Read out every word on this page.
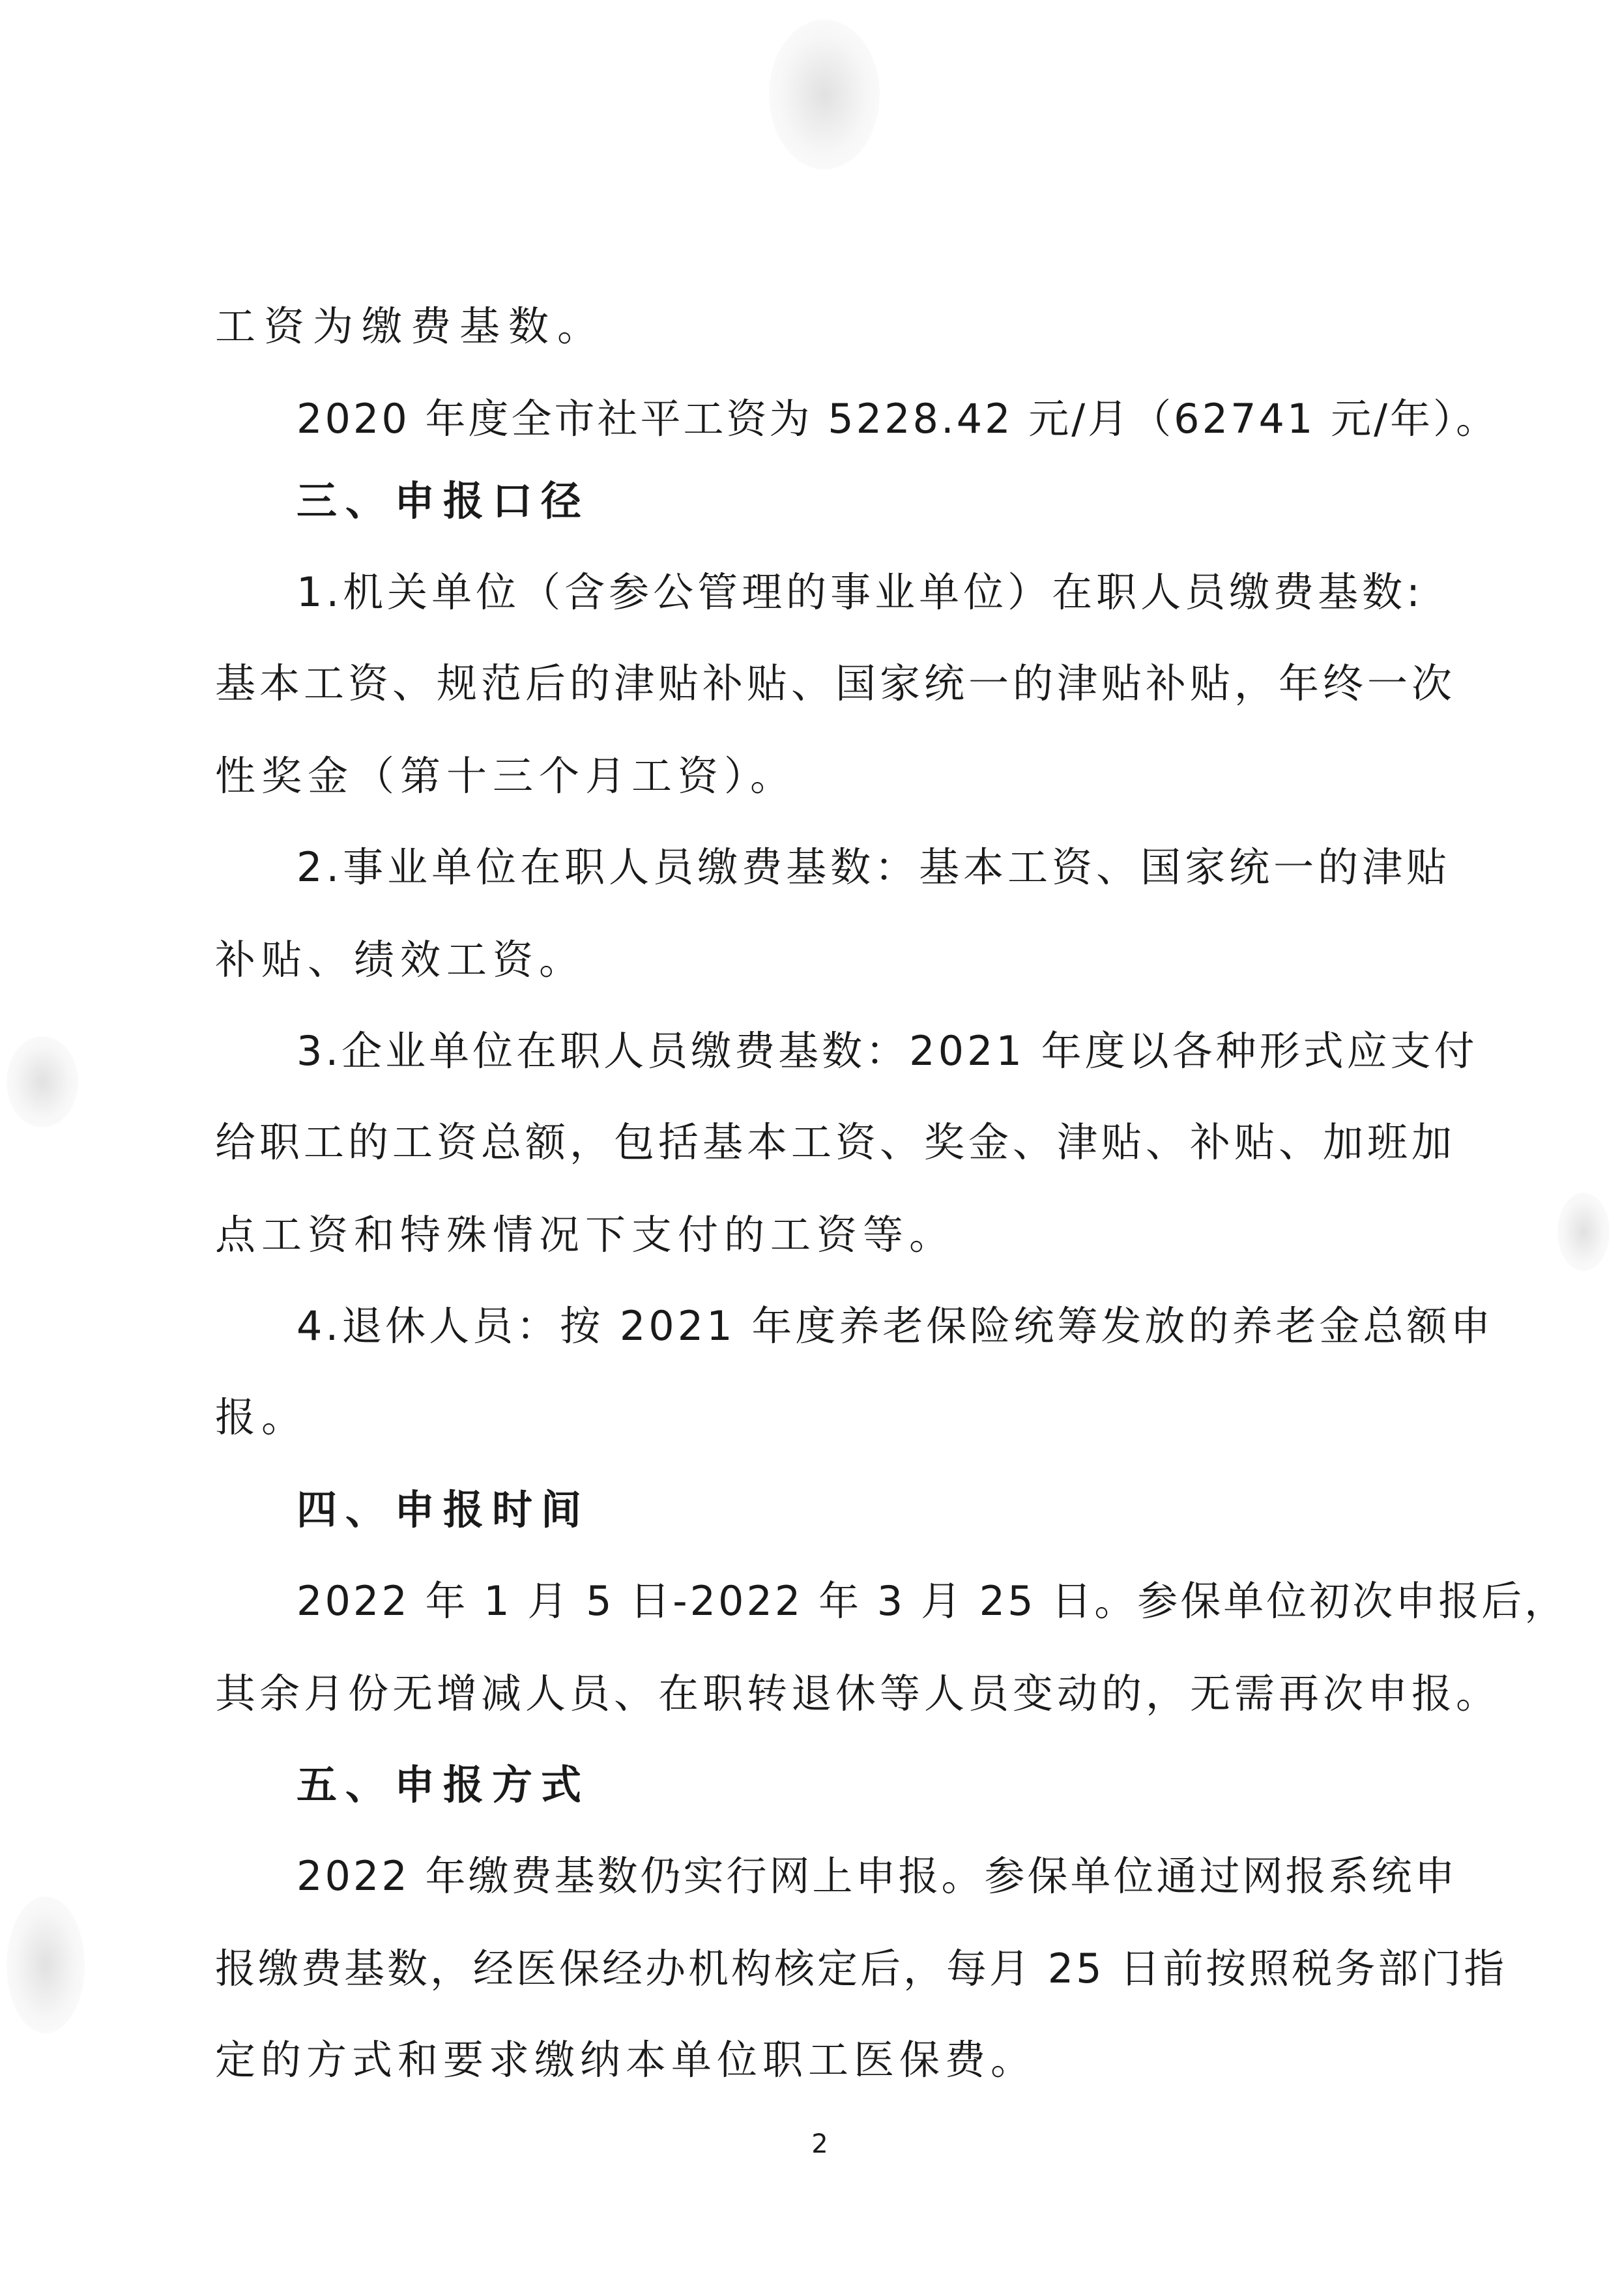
工资为缴费基数。
2020 年度全市社平工资为 5228.42 元/月（62741 元/年）。
三、申报口径
1.机关单位（含参公管理的事业单位）在职人员缴费基数:
基本工资、规范后的津贴补贴、国家统一的津贴补贴，年终一次
性奖金（第十三个月工资）。
2.事业单位在职人员缴费基数：基本工资、国家统一的津贴
补贴、绩效工资。
3.企业单位在职人员缴费基数：2021 年度以各种形式应支付
给职工的工资总额，包括基本工资、奖金、津贴、补贴、加班加
点工资和特殊情况下支付的工资等。
4.退休人员：按 2021 年度养老保险统筹发放的养老金总额申
报。
四、申报时间
2022 年 1 月 5 日-2022 年 3 月 25 日。参保单位初次申报后，
其余月份无增减人员、在职转退休等人员变动的，无需再次申报。
五、申报方式
2022 年缴费基数仍实行网上申报。参保单位通过网报系统申
报缴费基数，经医保经办机构核定后，每月 25 日前按照税务部门指
定的方式和要求缴纳本单位职工医保费。
2
